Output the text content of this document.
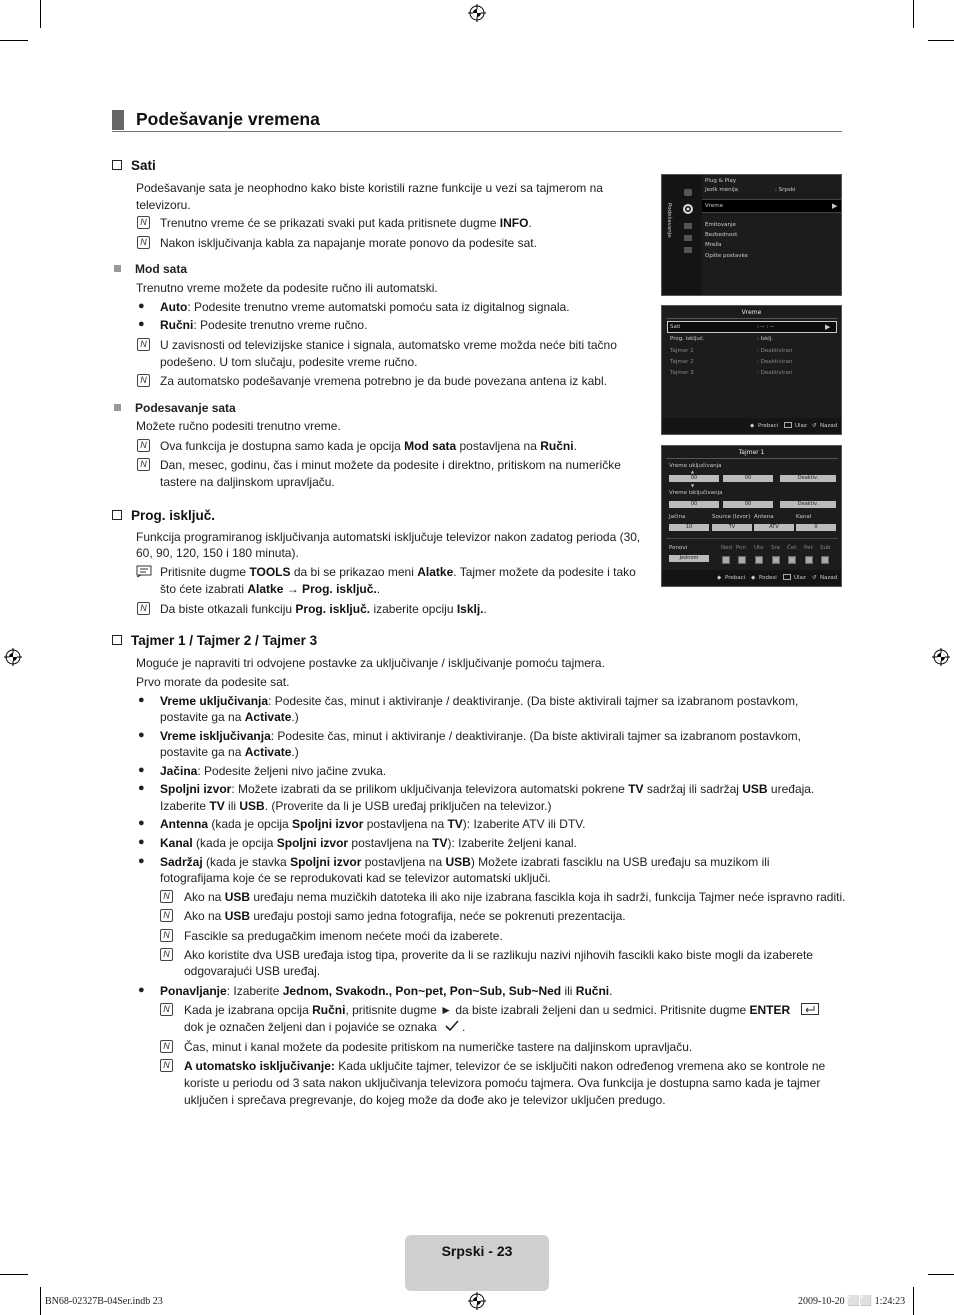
Podešavanje vremena
Sati
Podešavanje sata je neophodno kako biste koristili razne funkcije u vezi sa tajmerom na televizoru.
N Trenutno vreme će se prikazati svaki put kada pritisnete dugme INFO.
N Nakon isključivanja kabla za napajanje morate ponovo da podesite sat.
Mod sata
Trenutno vreme možete da podesite ručno ili automatski.
● Auto: Podesite trenutno vreme automatski pomoću sata iz digitalnog signala.
● Ručni: Podesite trenutno vreme ručno.
N U zavisnosti od televizijske stanice i signala, automatsko vreme možda neće biti tačno
podešeno. U tom slučaju, podesite vreme ručno.
N Za automatsko podešavanje vremena potrebno je da bude povezana antena iz kabl.
Podesavanje sata
Možete ručno podesiti trenutno vreme.
N Ova funkcija je dostupna samo kada je opcija Mod sata postavljena na Ručni.
N Dan, mesec, godinu, čas i minut možete da podesite i direktno, pritiskom na numeričke
tastere na daljinskom upravljaču.
Prog. isključ.
Funkcija programiranog isključivanja automatski isključuje televizor nakon zadatog perioda (30,
60, 90, 120, 150 i 180 minuta).
Pritisnite dugme TOOLS da bi se prikazao meni Alatke. Tajmer možete da podesite i tako
što ćete izabrati Alatke → Prog. isključ..
N Da biste otkazali funkciju Prog. isključ. izaberite opciju Isklj..
Tajmer 1 / Tajmer 2 / Tajmer 3
Moguće je napraviti tri odvojene postavke za uključivanje / isključivanje pomoću tajmera.
Prvo morate da podesite sat.
● Vreme uključivanja: Podesite čas, minut i aktiviranje / deaktiviranje. (Da biste aktivirali tajmer sa izabranom postavkom,
postavite ga na Activate.)
● Vreme isključivanja: Podesite čas, minut i aktiviranje / deaktiviranje. (Da biste aktivirali tajmer sa izabranom postavkom,
postavite ga na Activate.)
● Jačina: Podesite željeni nivo jačine zvuka.
● Spoljni izvor: Možete izabrati da se prilikom uključivanja televizora automatski pokrene TV sadržaj ili sadržaj USB uređaja.
Izaberite TV ili USB. (Proverite da li je USB uređaj priključen na televizor.)
● Antenna (kada je opcija Spoljni izvor postavljena na TV): Izaberite ATV ili DTV.
● Kanal (kada je opcija Spoljni izvor postavljena na TV): Izaberite željeni kanal.
● Sadržaj (kada je stavka Spoljni izvor postavljena na USB) Možete izabrati fasciklu na USB uređaju sa muzikom ili
fotografijama koje će se reprodukovati kad se televizor automatski uključi.
N Ako na USB uređaju nema muzičkih datoteka ili ako nije izabrana fascikla koja ih sadrži, funkcija Tajmer neće ispravno raditi.
N Ako na USB uređaju postoji samo jedna fotografija, neće se pokrenuti prezentacija.
N Fascikle sa predugačkim imenom nećete moći da izaberete.
N Ako koristite dva USB uređaja istog tipa, proverite da li se razlikuju nazivi njihovih fascikli kako biste mogli da izaberete
odgovarajući USB uređaj.
● Ponavljanje: Izaberite Jednom, Svakodn., Pon~pet, Pon~Sub, Sub~Ned ili Ručni.
N Kada je izabrana opcija Ručni, pritisnite dugme ► da biste izabrali željeni dan u sedmici. Pritisnite dugme ENTER
dok je označen željeni dan i pojaviće se oznaka .
N Čas, minut i kanal možete da podesite pritiskom na numeričke tastere na daljinskom upravljaču.
N A utomatsko isključivanje: Kada uključite tajmer, televizor će se isključiti nakon određenog vremena ako se kontrole ne
koriste u periodu od 3 sata nakon uključivanja televizora pomoću tajmera. Ova funkcija je dostupna samo kada je tajmer
uključen i sprečava pregrevanje, do kojeg može da dođe ako je televizor uključen predugo.
Podešavanje
Plug & Play
Jezik menija	: Srpski
Vreme	▶
Emitovanje
Bezbednost
Mreža
Opšte postavke
Vreme
Sati	: -- : --	▶
Prog. isključ.	: Isklj.
Tajmer 1	: Deaktiviran
Tajmer 2	: Deaktiviran
Tajmer 3	: Deaktiviran
◆ Prebaci	Ulaz ↺ Nazad
Tajmer 1
Vreme uključivanja
00	00	Deaktiv.
▲
▼
Vreme isključivanja
00	00	Deaktiv.
Jačina	Source (Izvor) Antena	Kanal
10	TV	ATV	0
Ponovi
Jednom
Ned Pon Uto Sre Čet Pet Sub
◆ Prebaci ◆ Podesi	Ulaz ↺ Nazad
Srpski - 23
BN68-02327B-04Ser.indb 23	2009-10-20 ⬜⬜ 1:24:23
